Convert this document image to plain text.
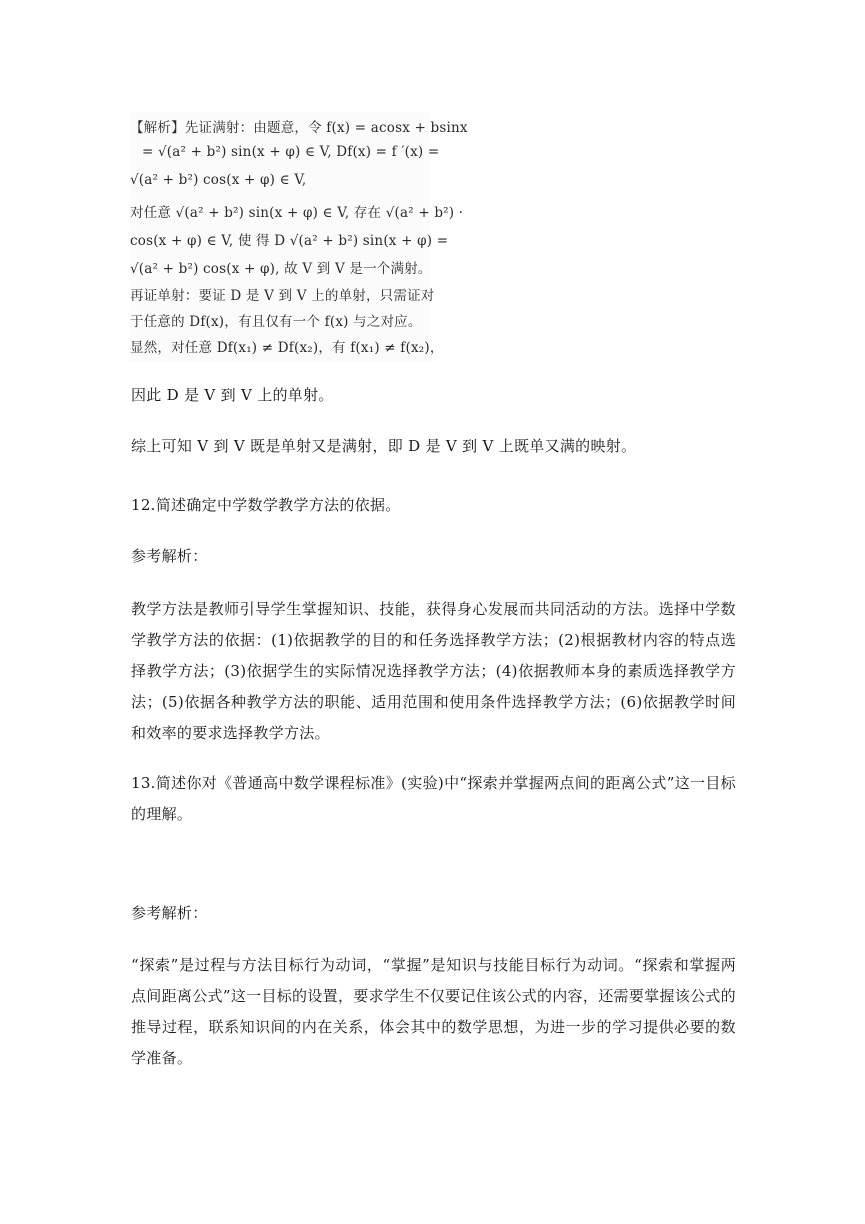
【解析】先证满射：由题意，令 f(x) = acosx + bsinx
= √(a² + b²) sin(x + φ) ∈ V, Df(x) = f ′(x) =
√(a² + b²) cos(x + φ) ∈ V,
对任意 √(a² + b²) sin(x + φ) ∈ V, 存在 √(a² + b²) ·
cos(x + φ) ∈ V, 使 得 D √(a² + b²) sin(x + φ) =
√(a² + b²) cos(x + φ), 故 V 到 V 是一个满射。
再证单射：要证 D 是 V 到 V 上的单射，只需证对
于任意的 Df(x)，有且仅有一个 f(x) 与之对应。
显然，对任意 Df(x₁) ≠ Df(x₂)，有 f(x₁) ≠ f(x₂)，
因此 D 是 V 到 V 上的单射。
综上可知 V 到 V 既是单射又是满射，即 D 是 V 到 V 上既单又满的映射。
12.简述确定中学数学教学方法的依据。
参考解析：
教学方法是教师引导学生掌握知识、技能，获得身心发展而共同活动的方法。选择中学数学教学方法的依据：(1)依据教学的目的和任务选择教学方法；(2)根据教材内容的特点选择教学方法；(3)依据学生的实际情况选择教学方法；(4)依据教师本身的素质选择教学方法；(5)依据各种教学方法的职能、适用范围和使用条件选择教学方法；(6)依据教学时间和效率的要求选择教学方法。
13.简述你对《普通高中数学课程标准》(实验)中“探索并掌握两点间的距离公式”这一目标的理解。
参考解析：
“探索”是过程与方法目标行为动词，“掌握”是知识与技能目标行为动词。“探索和掌握两点间距离公式”这一目标的设置，要求学生不仅要记住该公式的内容，还需要掌握该公式的推导过程，联系知识间的内在关系，体会其中的数学思想，为进一步的学习提供必要的数学准备。
